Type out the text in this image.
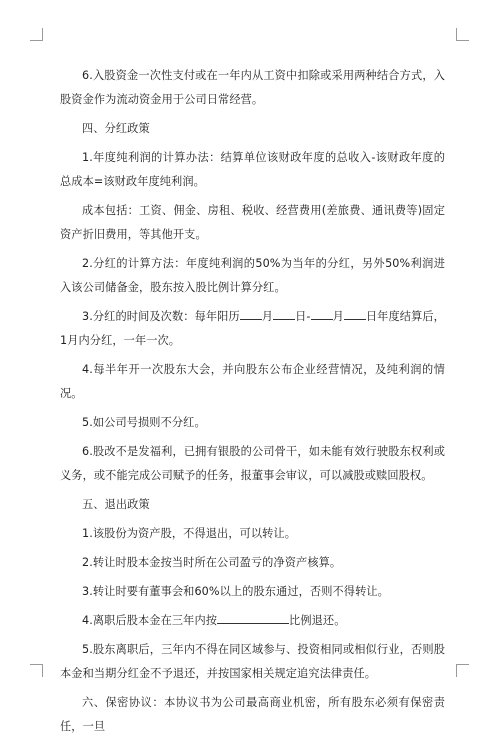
6.入股资金一次性支付或在一年内从工资中扣除或采用两种结合方式，入股资金作为流动资金用于公司日常经营。

四、分红政策

1.年度纯利润的计算办法：结算单位该财政年度的总收入-该财政年度的总成本=该财政年度纯利润。

成本包括：工资、佣金、房租、税收、经营费用(差旅费、通讯费等)固定资产折旧费用，等其他开支。

2.分红的计算方法：年度纯利润的50%为当年的分红，另外50%利润进入该公司储备金，股东按入股比例计算分红。

3.分红的时间及次数：每年阳历 月 日- 月 日年度结算后，1月内分红，一年一次。

4.每半年开一次股东大会，并向股东公布企业经营情况，及纯利润的情况。

5.如公司号损则不分红。

6.股改不是发福利，已拥有银股的公司骨干，如未能有效行驶股东权利或义务，或不能完成公司赋予的任务，报董事会审议，可以减股或赎回股权。

五、退出政策

1.该股份为资产股，不得退出，可以转让。

2.转让时股本金按当时所在公司盈亏的净资产核算。

3.转让时要有董事会和60%以上的股东通过，否则不得转让。

4.离职后股本金在三年内按	比例退还。

5.股东离职后，三年内不得在同区域参与、投资相同或相似行业，否则股本金和当期分红金不予退还，并按国家相关规定追究法律责任。

六、保密协议：本协议书为公司最高商业机密，所有股东必须有保密责任，一旦
